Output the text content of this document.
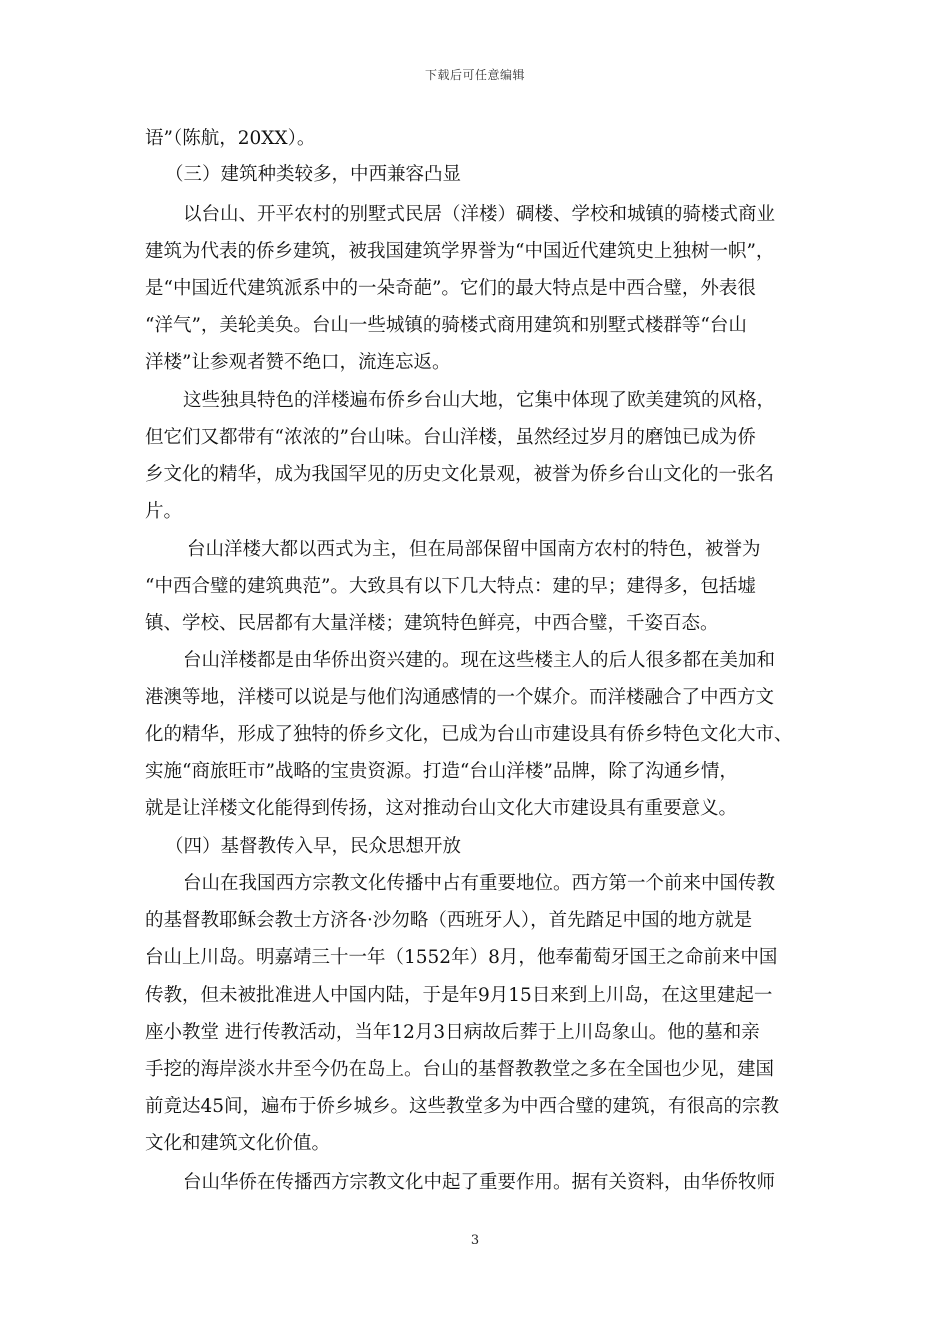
下载后可任意编辑
语”（陈航，20XX）。
（三）建筑种类较多，中西兼容凸显
以台山、开平农村的别墅式民居（洋楼）碉楼、学校和城镇的骑楼式商业
建筑为代表的侨乡建筑，被我国建筑学界誉为“中国近代建筑史上独树一帜”，
是“中国近代建筑派系中的一朵奇葩”。它们的最大特点是中西合璧，外表很
“洋气”，美轮美奂。台山一些城镇的骑楼式商用建筑和别墅式楼群等“台山
洋楼”让参观者赞不绝口，流连忘返。
这些独具特色的洋楼遍布侨乡台山大地，它集中体现了欧美建筑的风格，
但它们又都带有“浓浓的”台山味。台山洋楼，虽然经过岁月的磨蚀已成为侨
乡文化的精华，成为我国罕见的历史文化景观，被誉为侨乡台山文化的一张名
片。
台山洋楼大都以西式为主，但在局部保留中国南方农村的特色，被誉为
“中西合璧的建筑典范”。大致具有以下几大特点：建的早；建得多，包括墟
镇、学校、民居都有大量洋楼；建筑特色鲜亮，中西合璧，千姿百态。
台山洋楼都是由华侨出资兴建的。现在这些楼主人的后人很多都在美加和
港澳等地，洋楼可以说是与他们沟通感情的一个媒介。而洋楼融合了中西方文
化的精华，形成了独特的侨乡文化，已成为台山市建设具有侨乡特色文化大市、
实施“商旅旺市”战略的宝贵资源。打造“台山洋楼”品牌，除了沟通乡情，
就是让洋楼文化能得到传扬，这对推动台山文化大市建设具有重要意义。
（四）基督教传入早，民众思想开放
台山在我国西方宗教文化传播中占有重要地位。西方第一个前来中国传教
的基督教耶稣会教士方济各·沙勿略（西班牙人），首先踏足中国的地方就是
台山上川岛。明嘉靖三十一年（1552年）8月，他奉葡萄牙国王之命前来中国
传教，但未被批准进人中国内陆，于是年9月15日来到上川岛，在这里建起一
座小教堂 进行传教活动，当年12月3日病故后葬于上川岛象山。他的墓和亲
手挖的海岸淡水井至今仍在岛上。台山的基督教教堂之多在全国也少见，建国
前竟达45间，遍布于侨乡城乡。这些教堂多为中西合璧的建筑，有很高的宗教
文化和建筑文化价值。
台山华侨在传播西方宗教文化中起了重要作用。据有关资料，由华侨牧师
3
